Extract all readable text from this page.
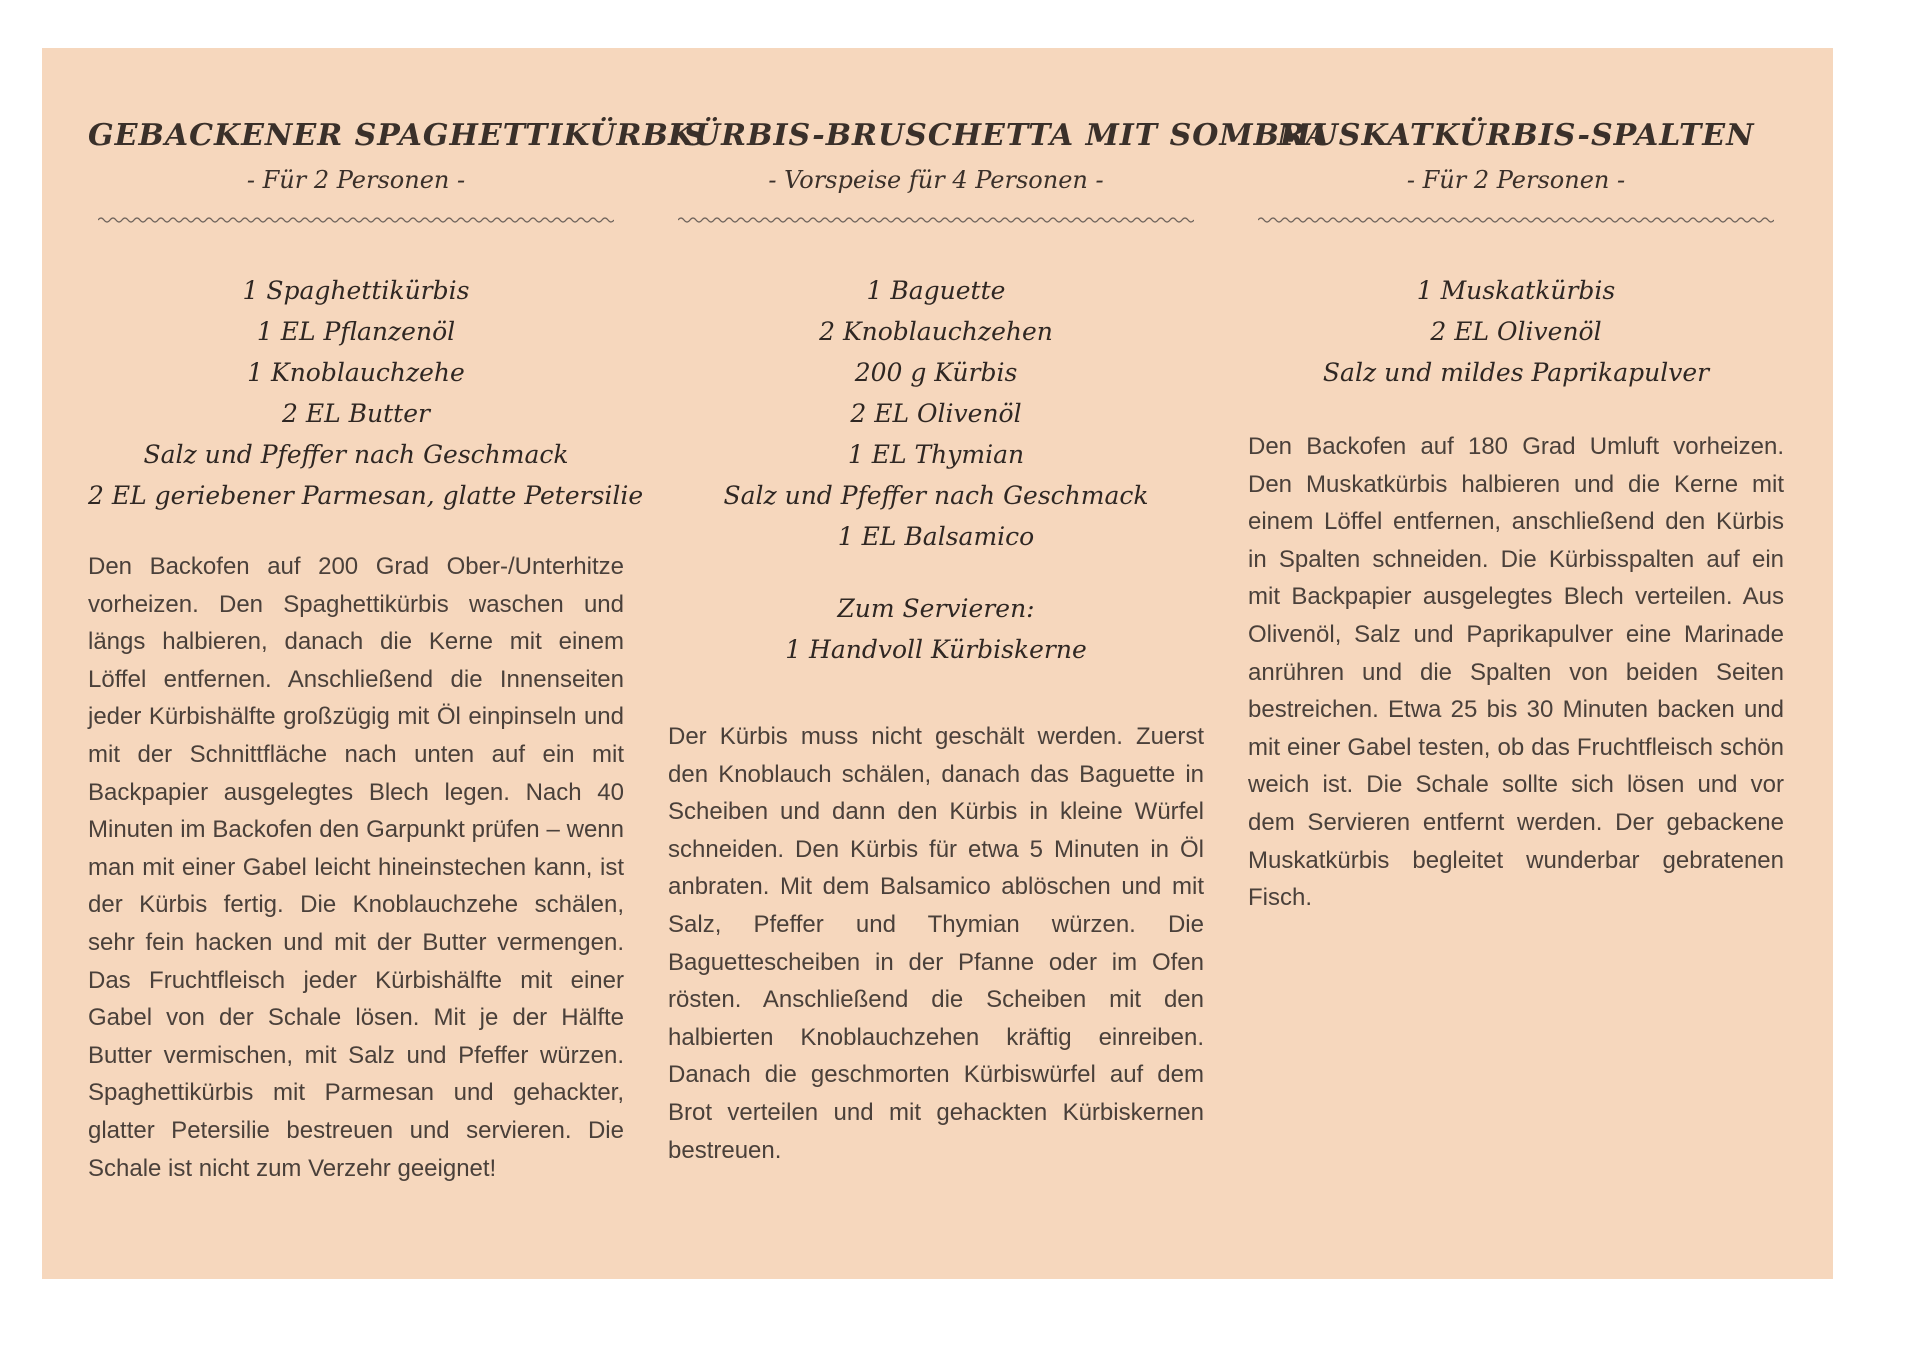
GEBACKENER SPAGHETTIKÜRBIS
- Für 2 Personen -
1 Spaghettikürbis
1 EL Pflanzenöl
1 Knoblauchzehe
2 EL Butter
Salz und Pfeffer nach Geschmack
2 EL geriebener Parmesan, glatte Petersilie

Den Backofen auf 200 Grad Ober-/Unterhitze vorheizen. Den Spaghettikürbis waschen und längs halbieren, danach die Kerne mit einem Löffel entfernen. Anschließend die Innenseiten jeder Kürbishälfte großzügig mit Öl einpinseln und mit der Schnittfläche nach unten auf ein mit Backpapier ausgelegtes Blech legen. Nach 40 Minuten im Backofen den Garpunkt prüfen – wenn man mit einer Gabel leicht hineinstechen kann, ist der Kürbis fertig. Die Knoblauchzehe schälen, sehr fein hacken und mit der Butter vermengen. Das Fruchtfleisch jeder Kürbishälfte mit einer Gabel von der Schale lösen. Mit je der Hälfte Butter vermischen, mit Salz und Pfeffer würzen. Spaghettikürbis mit Parmesan und gehackter, glatter Petersilie bestreuen und servieren. Die Schale ist nicht zum Verzehr geeignet!

KÜRBIS-BRUSCHETTA MIT SOMBRA
- Vorspeise für 4 Personen -
1 Baguette
2 Knoblauchzehen
200 g Kürbis
2 EL Olivenöl
1 EL Thymian
Salz und Pfeffer nach Geschmack
1 EL Balsamico
Zum Servieren:
1 Handvoll Kürbiskerne

Der Kürbis muss nicht geschält werden. Zuerst den Knoblauch schälen, danach das Baguette in Scheiben und dann den Kürbis in kleine Würfel schneiden. Den Kürbis für etwa 5 Minuten in Öl anbraten. Mit dem Balsamico ablöschen und mit Salz, Pfeffer und Thymian würzen. Die Baguettescheiben in der Pfanne oder im Ofen rösten. Anschließend die Scheiben mit den halbierten Knoblauchzehen kräftig einreiben. Danach die geschmorten Kürbiswürfel auf dem Brot verteilen und mit gehackten Kürbiskernen bestreuen.

MUSKATKÜRBIS-SPALTEN
- Für 2 Personen -
1 Muskatkürbis
2 EL Olivenöl
Salz und mildes Paprikapulver

Den Backofen auf 180 Grad Umluft vorheizen. Den Muskatkürbis halbieren und die Kerne mit einem Löffel entfernen, anschließend den Kürbis in Spalten schneiden. Die Kürbisspalten auf ein mit Backpapier ausgelegtes Blech verteilen. Aus Olivenöl, Salz und Paprikapulver eine Marinade anrühren und die Spalten von beiden Seiten bestreichen. Etwa 25 bis 30 Minuten backen und mit einer Gabel testen, ob das Fruchtfleisch schön weich ist. Die Schale sollte sich lösen und vor dem Servieren entfernt werden. Der gebackene Muskatkürbis begleitet wunderbar gebratenen Fisch.
